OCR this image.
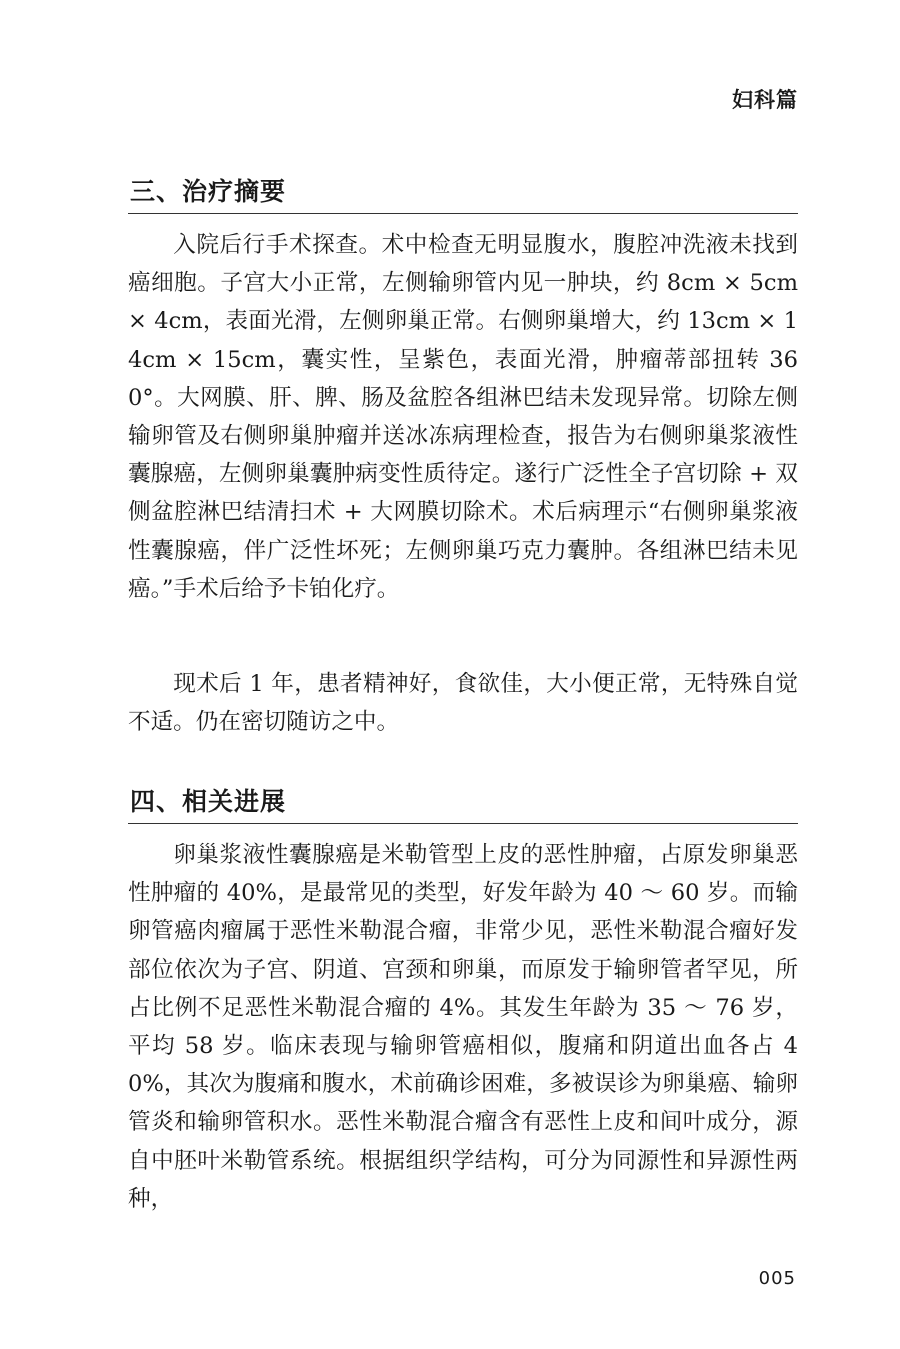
妇科篇
三、治疗摘要
入院后行手术探查。术中检查无明显腹水，腹腔冲洗液未找到癌细胞。子宫大小正常，左侧输卵管内见一肿块，约 8cm × 5cm × 4cm，表面光滑，左侧卵巢正常。右侧卵巢增大，约 13cm × 14cm × 15cm，囊实性，呈紫色，表面光滑，肿瘤蒂部扭转 360°。大网膜、肝、脾、肠及盆腔各组淋巴结未发现异常。切除左侧输卵管及右侧卵巢肿瘤并送冰冻病理检查，报告为右侧卵巢浆液性囊腺癌，左侧卵巢囊肿病变性质待定。遂行广泛性全子宫切除 + 双侧盆腔淋巴结清扫术 + 大网膜切除术。术后病理示“右侧卵巢浆液性囊腺癌，伴广泛性坏死；左侧卵巢巧克力囊肿。各组淋巴结未见癌。”手术后给予卡铂化疗。
现术后 1 年，患者精神好，食欲佳，大小便正常，无特殊自觉不适。仍在密切随访之中。
四、相关进展
卵巢浆液性囊腺癌是米勒管型上皮的恶性肿瘤，占原发卵巢恶性肿瘤的 40%，是最常见的类型，好发年龄为 40 ～ 60 岁。而输卵管癌肉瘤属于恶性米勒混合瘤，非常少见，恶性米勒混合瘤好发部位依次为子宫、阴道、宫颈和卵巢，而原发于输卵管者罕见，所占比例不足恶性米勒混合瘤的 4%。其发生年龄为 35 ～ 76 岁，平均 58 岁。临床表现与输卵管癌相似，腹痛和阴道出血各占 40%，其次为腹痛和腹水，术前确诊困难，多被误诊为卵巢癌、输卵管炎和输卵管积水。恶性米勒混合瘤含有恶性上皮和间叶成分，源自中胚叶米勒管系统。根据组织学结构，可分为同源性和异源性两种，
005
